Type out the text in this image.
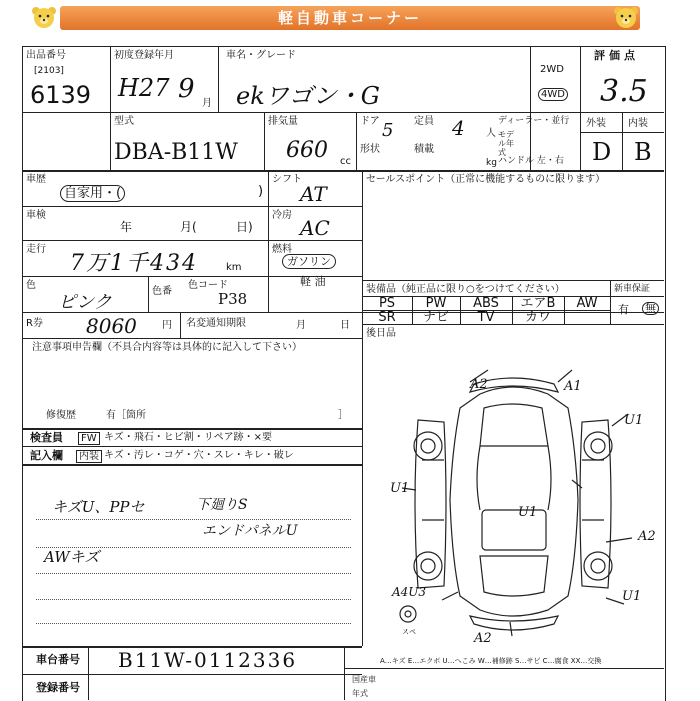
軽自動車コーナー
出品番号
[2103]
6139
初度登録年月
H27 9 月
車名・グレード
ekワゴン・G
2WD
4WD
評価点
3.5
型式
DBA-B11W
排気量
660 cc
ドア 5 定員 4 人
ディーラー・並行
モデル年式
形状	積載
kg ハンドル 左・右
外装 内装
D B
車歴
自家用・(	)
車検
年	月(	日)
走行
7万1千434	km
色
ピンク
色番
色コード
P38
R券 8060	円 名変通知期限	月	日
シフト
AT
冷房
AC
燃料
ガソリン
軽 油
セールスポイント（正常に機能するものに限ります）
装備品（純正品に限り○をつけてください）	新車保証
PS	PW	ABS	エアB	AW
SR	ナビ	TV	カワ
有 無
後日品
注意事項申告欄（不具合内容等は具体的に記入して下さい）
修復歴	有［箇所	］
検査員
記入欄
FW キズ・飛石・ヒビ割・リペア跡・×要
内装 キズ・汚レ・コゲ・穴・スレ・キレ・破レ
キズU、PPセ	下廻りS
エンドパネルU
AWキズ
A2	A1
U1
U1
U1
A2
A4U3	U1
A2
スペ
車台番号 B11W-0112336
登録番号
A…キズ E…エクボ U…へこみ W…補修跡 S…サビ C…腐食 XX…交換
国産車
年式
